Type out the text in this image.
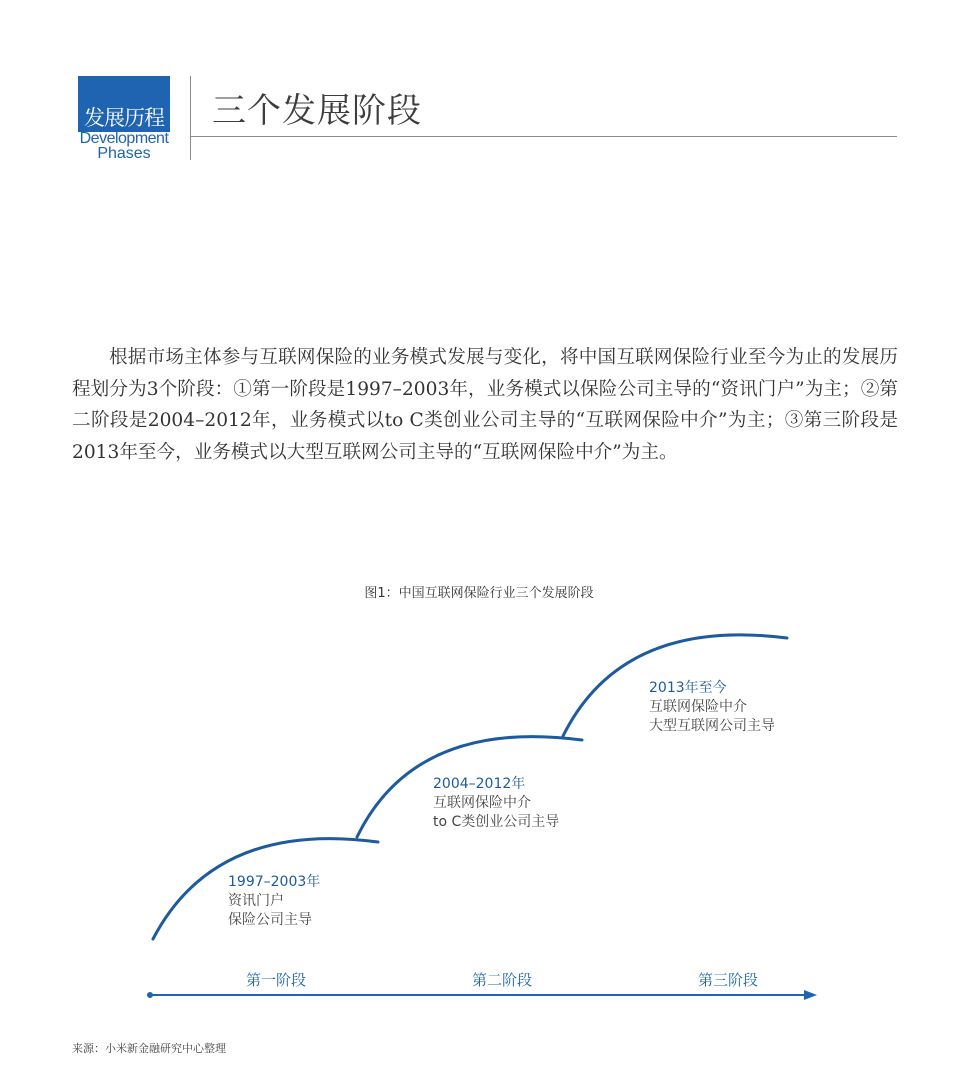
发展历程
Development
Phases
三个发展阶段

根据市场主体参与互联网保险的业务模式发展与变化，将中国互联网保险行业至今为止的发展历程划分为3个阶段：①第一阶段是1997–2003年，业务模式以保险公司主导的“资讯门户”为主；②第二阶段是2004–2012年，业务模式以to C类创业公司主导的“互联网保险中介”为主；③第三阶段是2013年至今，业务模式以大型互联网公司主导的“互联网保险中介”为主。

图1：中国互联网保险行业三个发展阶段
1997–2003年
资讯门户
保险公司主导
2004–2012年
互联网保险中介
to C类创业公司主导
2013年至今
互联网保险中介
大型互联网公司主导
第一阶段	第二阶段	第三阶段
来源：小米新金融研究中心整理
